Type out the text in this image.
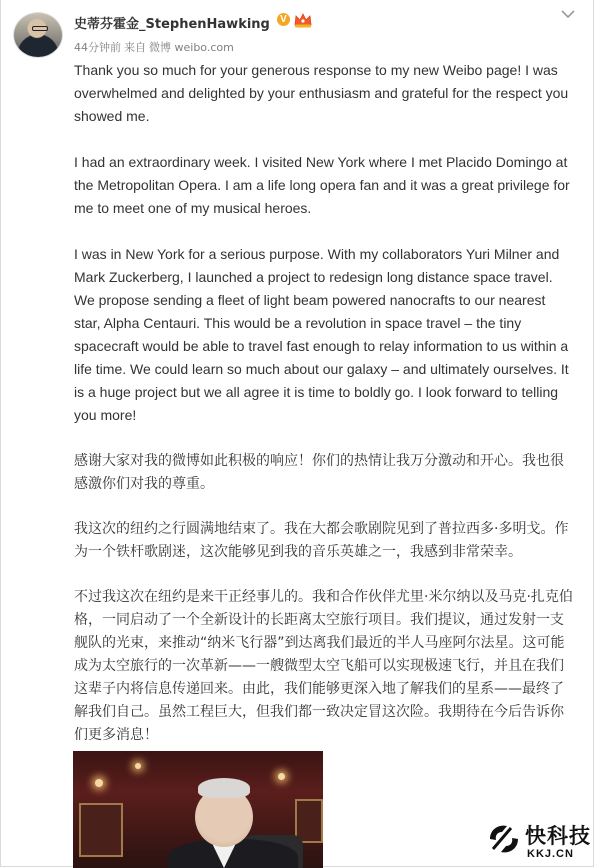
史蒂芬霍金_StephenHawking	V
44分钟前 来自 微博 weibo.com

Thank you so much for your generous response to my new Weibo page! I was overwhelmed and delighted by your enthusiasm and grateful for the respect you showed me.

I had an extraordinary week. I visited New York where I met Placido Domingo at the Metropolitan Opera. I am a life long opera fan and it was a great privilege for me to meet one of my musical heroes.

I was in New York for a serious purpose. With my collaborators Yuri Milner and Mark Zuckerberg, I launched a project to redesign long distance space travel. We propose sending a fleet of light beam powered nanocrafts to our nearest star, Alpha Centauri. This would be a revolution in space travel – the tiny spacecraft would be able to travel fast enough to relay information to us within a life time. We could learn so much about our galaxy – and ultimately ourselves. It is a huge project but we all agree it is time to boldly go. I look forward to telling you more!

感谢大家对我的微博如此积极的响应！你们的热情让我万分激动和开心。我也很感激你们对我的尊重。

我这次的纽约之行圆满地结束了。我在大都会歌剧院见到了普拉西多·多明戈。作为一个铁杆歌剧迷，这次能够见到我的音乐英雄之一，我感到非常荣幸。

不过我这次在纽约是来干正经事儿的。我和合作伙伴尤里·米尔纳以及马克·扎克伯格，一同启动了一个全新设计的长距离太空旅行项目。我们提议，通过发射一支舰队的光束，来推动“纳米飞行器”到达离我们最近的半人马座阿尔法星。这可能成为太空旅行的一次革新——一艘微型太空飞船可以实现极速飞行，并且在我们这辈子内将信息传递回来。由此，我们能够更深入地了解我们的星系——最终了解我们自己。虽然工程巨大，但我们都一致决定冒这次险。我期待在今后告诉你们更多消息！

快科技
KKJ.CN
